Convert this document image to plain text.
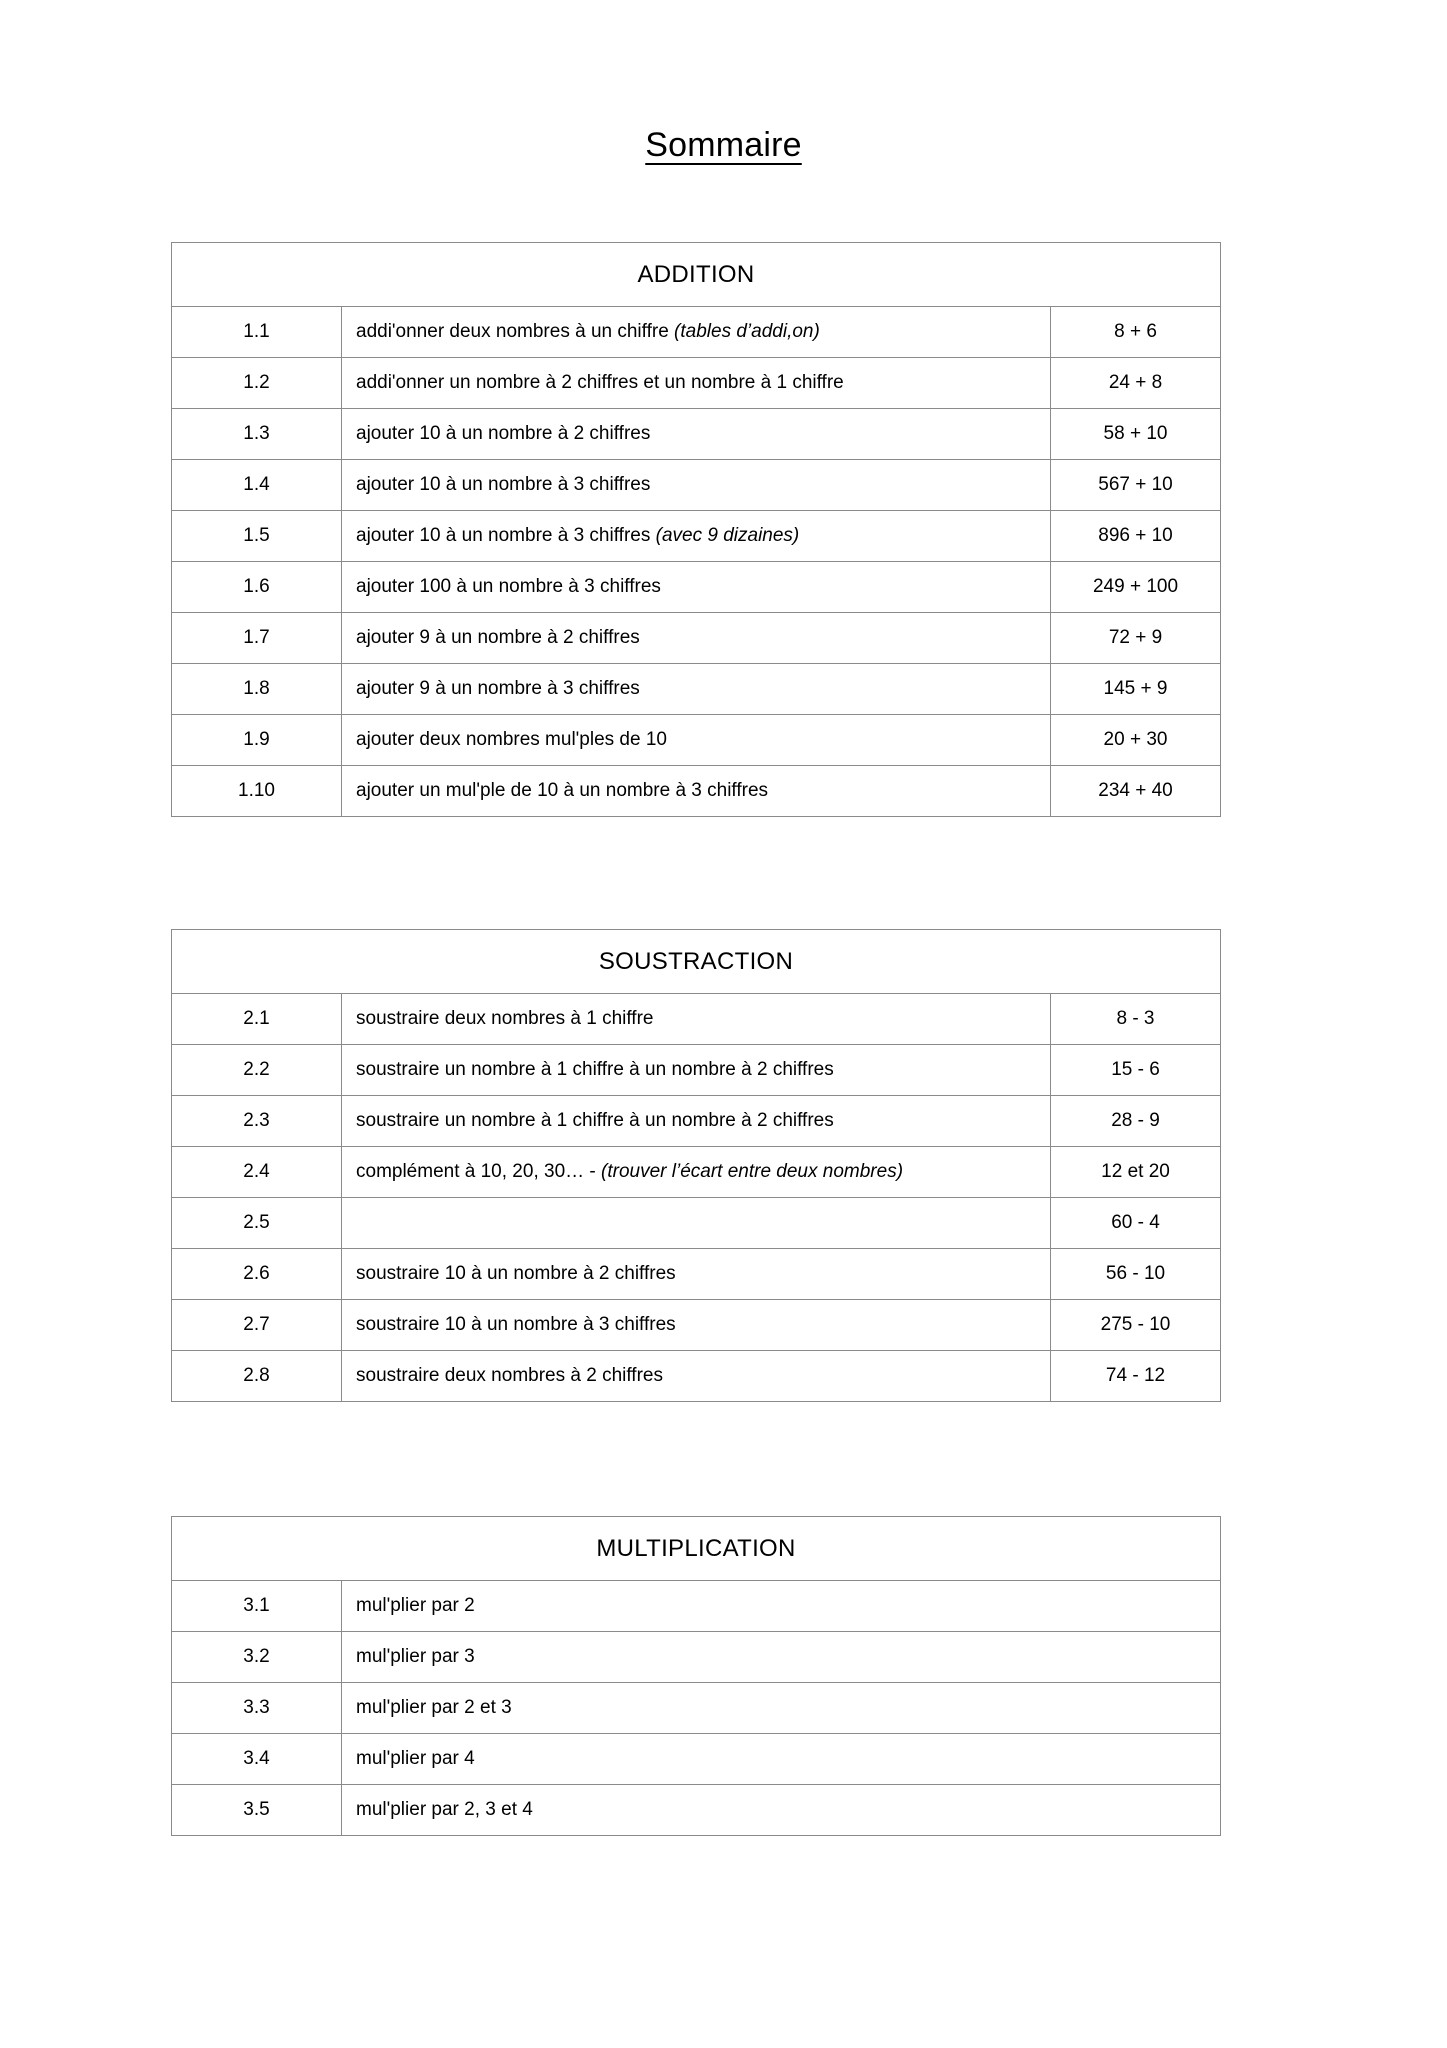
Sommaire
ADDITION		
1.1	addi'onner deux nombres à un chiffre (tables d’addi,on)	8 + 6
1.2	addi'onner un nombre à 2 chiffres et un nombre à 1 chiffre	24 + 8
1.3	ajouter 10 à un nombre à 2 chiffres	58 + 10
1.4	ajouter 10 à un nombre à 3 chiffres	567 + 10
1.5	ajouter 10 à un nombre à 3 chiffres (avec 9 dizaines)	896 + 10
1.6	ajouter 100 à un nombre à 3 chiffres	249 + 100
1.7	ajouter 9 à un nombre à 2 chiffres	72 + 9
1.8	ajouter 9 à un nombre à 3 chiffres	145 + 9
1.9	ajouter deux nombres mul'ples de 10	20 + 30
1.10	ajouter un mul'ple de 10 à un nombre à 3 chiffres	234 + 40
SOUSTRACTION		
2.1	soustraire deux nombres à 1 chiffre	8 - 3
2.2	soustraire un nombre à 1 chiffre à un nombre à 2 chiffres	15 - 6
2.3	soustraire un nombre à 1 chiffre à un nombre à 2 chiffres	28 - 9
2.4	complément à 10, 20, 30… - (trouver l’écart entre deux nombres)	12 et 20
2.5		60 - 4
2.6	soustraire 10 à un nombre à 2 chiffres	56 - 10
2.7	soustraire 10 à un nombre à 3 chiffres	275 - 10
2.8	soustraire deux nombres à 2 chiffres	74 - 12
MULTIPLICATION	
3.1	mul'plier par 2
3.2	mul'plier par 3
3.3	mul'plier par 2 et 3
3.4	mul'plier par 4
3.5	mul'plier par 2, 3 et 4
